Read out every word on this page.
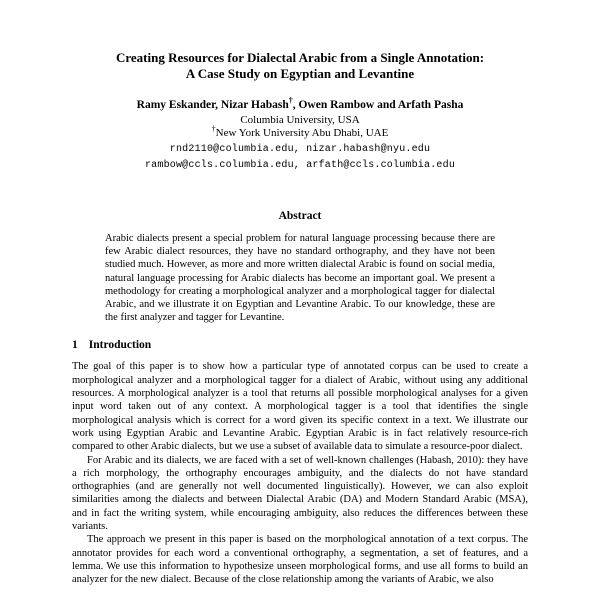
Creating Resources for Dialectal Arabic from a Single Annotation:
A Case Study on Egyptian and Levantine
Ramy Eskander, Nizar Habash†, Owen Rambow and Arfath Pasha
Columbia University, USA
†New York University Abu Dhabi, UAE
rnd2110@columbia.edu, nizar.habash@nyu.edu
rambow@ccls.columbia.edu, arfath@ccls.columbia.edu
Abstract
Arabic dialects present a special problem for natural language processing because there are few Arabic dialect resources, they have no standard orthography, and they have not been studied much. However, as more and more written dialectal Arabic is found on social media, natural language processing for Arabic dialects has become an important goal. We present a methodology for creating a morphological analyzer and a morphological tagger for dialectal Arabic, and we illustrate it on Egyptian and Levantine Arabic. To our knowledge, these are the first analyzer and tagger for Levantine.
1 Introduction

The goal of this paper is to show how a particular type of annotated corpus can be used to create a morphological analyzer and a morphological tagger for a dialect of Arabic, without using any additional resources. A morphological analyzer is a tool that returns all possible morphological analyses for a given input word taken out of any context. A morphological tagger is a tool that identifies the single morphological analysis which is correct for a word given its specific context in a text. We illustrate our work using Egyptian Arabic and Levantine Arabic. Egyptian Arabic is in fact relatively resource-rich compared to other Arabic dialects, but we use a subset of available data to simulate a resource-poor dialect.

For Arabic and its dialects, we are faced with a set of well-known challenges (Habash, 2010): they have a rich morphology, the orthography encourages ambiguity, and the dialects do not have standard orthographies (and are generally not well documented linguistically). However, we can also exploit similarities among the dialects and between Dialectal Arabic (DA) and Modern Standard Arabic (MSA), and in fact the writing system, while encouraging ambiguity, also reduces the differences between these variants.

The approach we present in this paper is based on the morphological annotation of a text corpus. The annotator provides for each word a conventional orthography, a segmentation, a set of features, and a lemma. We use this information to hypothesize unseen morphological forms, and use all forms to build an analyzer for the new dialect. Because of the close relationship among the variants of Arabic, we also
